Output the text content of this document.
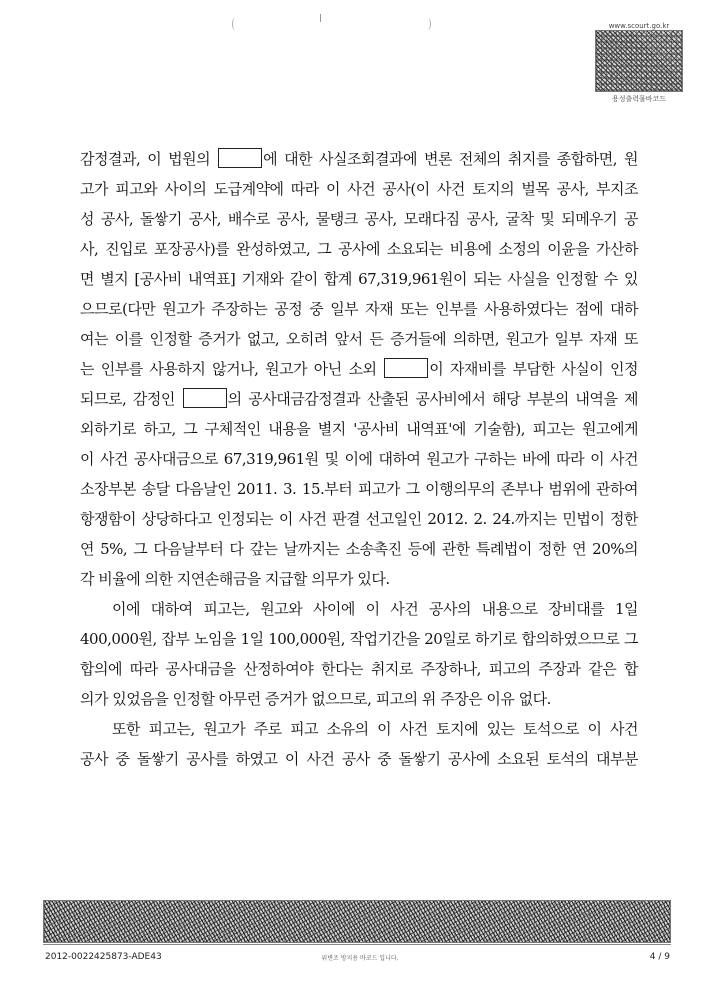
www.scourt.go.kr
용성출력물바코드

감정결과, 이 법원의	에 대한 사실조회결과에 변론 전체의 취지를 종합하면, 원

고가 피고와 사이의 도급계약에 따라 이 사건 공사(이 사건 토지의 벌목 공사, 부지조

성 공사, 돌쌓기 공사, 배수로 공사, 물탱크 공사, 모래다짐 공사, 굴착 및 되메우기 공

사, 진입로 포장공사)를 완성하였고, 그 공사에 소요되는 비용에 소정의 이윤을 가산하

면 별지 [공사비 내역표] 기재와 같이 합계 67,319,961원이 되는 사실을 인정할 수 있

으므로(다만 원고가 주장하는 공정 중 일부 자재 또는 인부를 사용하였다는 점에 대하

여는 이를 인정할 증거가 없고, 오히려 앞서 든 증거들에 의하면, 원고가 일부 자재 또

는 인부를 사용하지 않거나, 원고가 아닌 소외	이 자재비를 부담한 사실이 인정

되므로, 감정인	의 공사대금감정결과 산출된 공사비에서 해당 부분의 내역을 제

외하기로 하고, 그 구체적인 내용을 별지 '공사비 내역표'에 기술함), 피고는 원고에게

이 사건 공사대금으로 67,319,961원 및 이에 대하여 원고가 구하는 바에 따라 이 사건

소장부본 송달 다음날인 2011. 3. 15.부터 피고가 그 이행의무의 존부나 범위에 관하여

항쟁함이 상당하다고 인정되는 이 사건 판결 선고일인 2012. 2. 24.까지는 민법이 정한

연 5%, 그 다음날부터 다 갚는 날까지는 소송촉진 등에 관한 특례법이 정한 연 20%의

각 비율에 의한 지연손해금을 지급할 의무가 있다.

이에 대하여 피고는, 원고와 사이에 이 사건 공사의 내용으로 장비대를 1일

400,000원, 잡부 노임을 1일 100,000원, 작업기간을 20일로 하기로 합의하였으므로 그

합의에 따라 공사대금을 산정하여야 한다는 취지로 주장하나, 피고의 주장과 같은 합

의가 있었음을 인정할 아무런 증거가 없으므로, 피고의 위 주장은 이유 없다.

또한 피고는, 원고가 주로 피고 소유의 이 사건 토지에 있는 토석으로 이 사건

공사 중 돌쌓기 공사를 하였고 이 사건 공사 중 돌쌓기 공사에 소요된 토석의 대부분

2012-0022425873-ADE43	위변조 방지용 바코드 입니다.	4 / 9
